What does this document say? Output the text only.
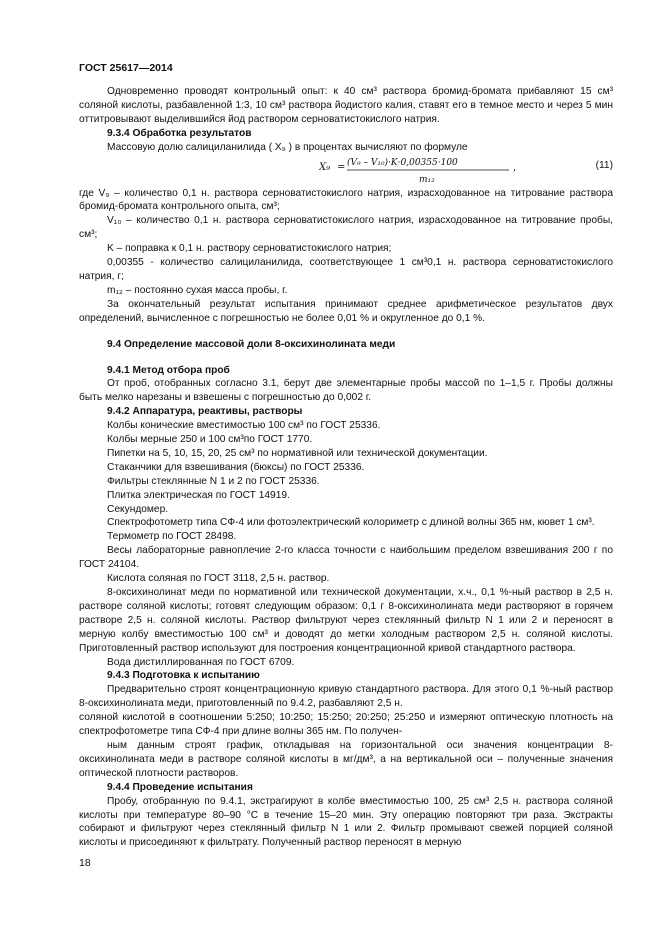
ГОСТ 25617—2014

Одновременно проводят контрольный опыт: к 40 см³ раствора бромид-бромата прибавляют 15 см³ соляной кислоты, разбавленной 1:3, 10 см³ раствора йодистого калия, ставят его в темное место и через 5 мин оттитровывают выделившийся йод раствором серноватистокислого натрия.

9.3.4 Обработка результатов

Массовую долю салициланилида ( X₉ ) в процентах вычисляют по формуле

X₉ = (V₉ – V₁₀)·K·0,00355·100
m₁₂
,	(11)

где V₉ – количество 0,1 н. раствора серноватистокислого натрия, израсходованное на титрование раствора бромид-бромата контрольного опыта, см³;

V₁₀ – количество 0,1 н. раствора серноватистокислого натрия, израсходованное на титрование пробы, см³;

K – поправка к 0,1 н. раствору серноватистокислого натрия;

0,00355 - количество салициланилида, соответствующее 1 см³0,1 н. раствора серноватистокислого натрия, г;

m₁₂ – постоянно сухая масса пробы, г.

За окончательный результат испытания принимают среднее арифметическое результатов двух определений, вычисленное с погрешностью не более 0,01 % и округленное до 0,1 %.

9.4 Определение массовой доли 8-оксихинолината меди

9.4.1 Метод отбора проб

От проб, отобранных согласно 3.1, берут две элементарные пробы массой по 1–1,5 г. Пробы должны быть мелко нарезаны и взвешены с погрешностью до 0,002 г.

9.4.2 Аппаратура, реактивы, растворы

Колбы конические вместимостью 100 см³ по ГОСТ 25336.

Колбы мерные 250 и 100 см³по ГОСТ 1770.

Пипетки на 5, 10, 15, 20, 25 см³ по нормативной или технической документации.

Стаканчики для взвешивания (бюксы) по ГОСТ 25336.

Фильтры стеклянные N 1 и 2 по ГОСТ 25336.

Плитка электрическая по ГОСТ 14919.

Секундомер.

Спектрофотометр типа СФ-4 или фотоэлектрический колориметр с длиной волны 365 нм, кювет 1 см³.

Термометр по ГОСТ 28498.

Весы лабораторные равноплечие 2-го класса точности с наибольшим пределом взвешивания 200 г по ГОСТ 24104.

Кислота соляная по ГОСТ 3118, 2,5 н. раствор.

8-оксихинолинат меди по нормативной или технической документации, х.ч., 0,1 %-ный раствор в 2,5 н. растворе соляной кислоты; готовят следующим образом: 0,1 г 8-оксихинолината меди растворяют в горячем растворе 2,5 н. соляной кислоты. Раствор фильтруют через стеклянный фильтр N 1 или 2 и переносят в мерную колбу вместимостью 100 см³ и доводят до метки холодным раствором 2,5 н. соляной кислоты. Приготовленный раствор используют для построения концентрационной кривой стандартного раствора.

Вода дистиллированная по ГОСТ 6709.

9.4.3 Подготовка к испытанию

Предварительно строят концентрационную кривую стандартного раствора. Для этого 0,1 %-ный раствор 8-оксихинолината меди, приготовленный по 9.4.2, разбавляют 2,5 н.

соляной кислотой в соотношении 5:250; 10:250; 15:250; 20:250; 25:250 и измеряют оптическую плотность на спектрофотометре типа СФ-4 при длине волны 365 нм. По получен-

ным данным строят график, откладывая на горизонтальной оси значения концентрации 8-оксихинолината меди в растворе соляной кислоты в мг/дм³, а на вертикальной оси – полученные значения оптической плотности растворов.

9.4.4 Проведение испытания

Пробу, отобранную по 9.4.1, экстрагируют в колбе вместимостью 100, 25 см³ 2,5 н. раствора соляной кислоты при температуре 80–90 °С в течение 15–20 мин. Эту операцию повторяют три раза. Экстракты собирают и фильтруют через стеклянный фильтр N 1 или 2. Фильтр промывают свежей порцией соляной кислоты и присоединяют к фильтрату. Полученный раствор переносят в мерную

18
